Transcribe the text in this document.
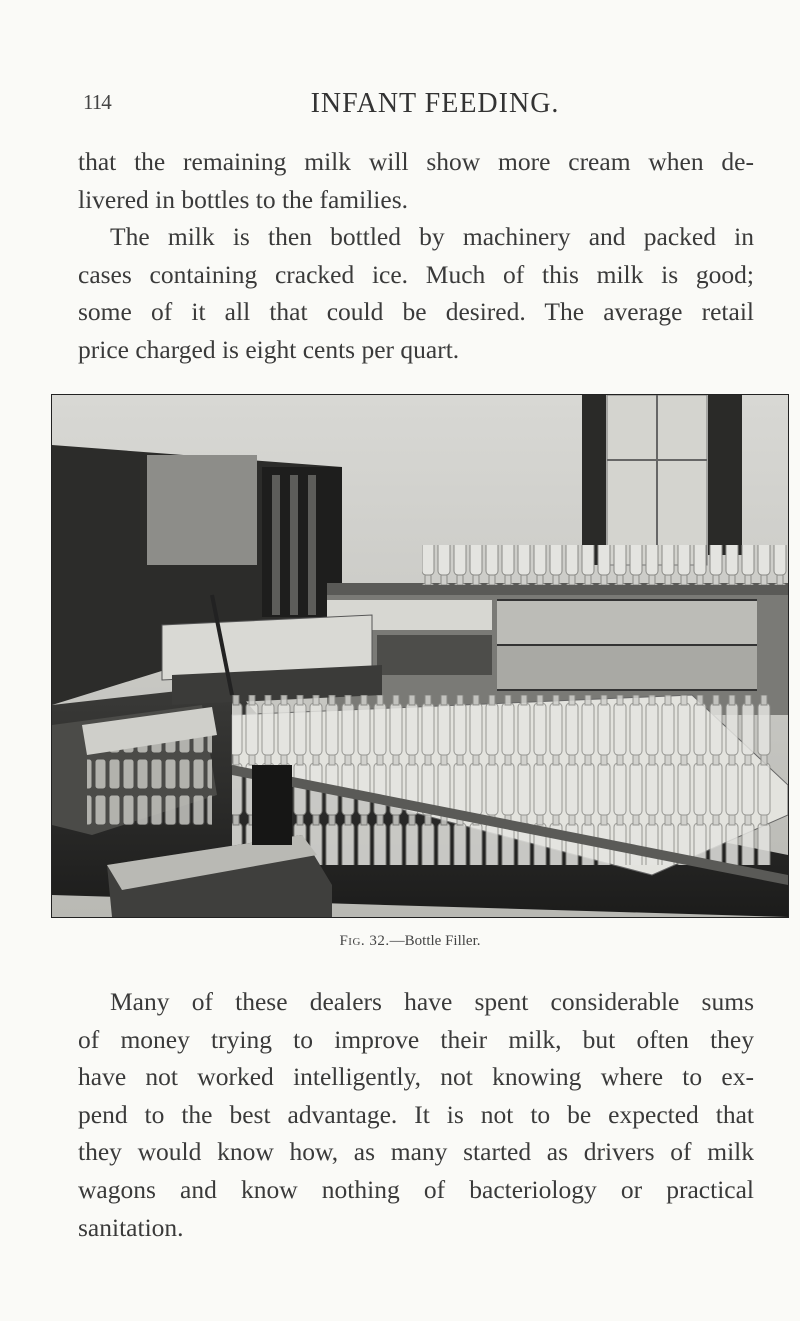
114	INFANT FEEDING.

that the remaining milk will show more cream when de-
livered in bottles to the families.

The milk is then bottled by machinery and packed in
cases containing cracked ice. Much of this milk is good;
some of it all that could be desired. The average retail
price charged is eight cents per quart.

Fig. 32.—Bottle Filler.

Many of these dealers have spent considerable sums
of money trying to improve their milk, but often they
have not worked intelligently, not knowing where to ex-
pend to the best advantage. It is not to be expected that
they would know how, as many started as drivers of milk
wagons and know nothing of bacteriology or practical
sanitation.
